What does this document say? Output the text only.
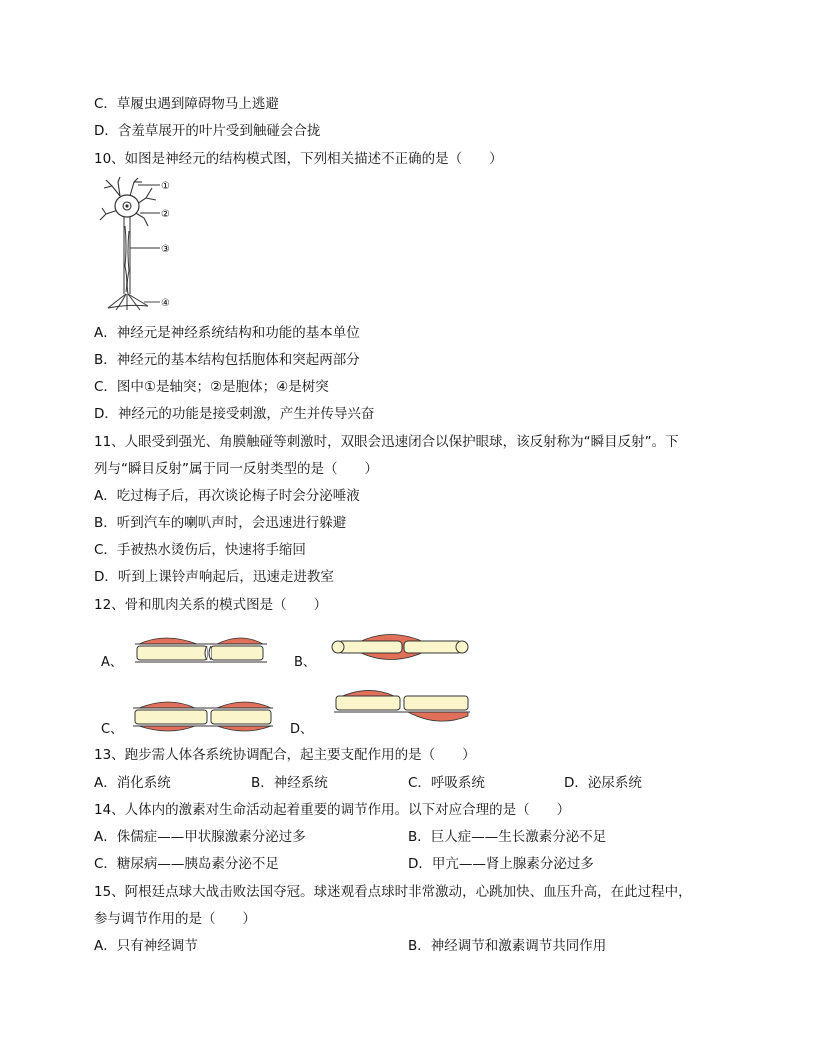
C．草履虫遇到障碍物马上逃避
D．含羞草展开的叶片受到触碰会合拢
10、如图是神经元的结构模式图，下列相关描述不正确的是（　　）
①
②
③
④
A．神经元是神经系统结构和功能的基本单位
B．神经元的基本结构包括胞体和突起两部分
C．图中①是轴突；②是胞体；④是树突
D．神经元的功能是接受刺激，产生并传导兴奋
11、人眼受到强光、角膜触碰等刺激时，双眼会迅速闭合以保护眼球，该反射称为“瞬目反射”。下
列与“瞬目反射”属于同一反射类型的是（　　）
A．吃过梅子后，再次谈论梅子时会分泌唾液
B．听到汽车的喇叭声时，会迅速进行躲避
C．手被热水烫伤后，快速将手缩回
D．听到上课铃声响起后，迅速走进教室
12、骨和肌肉关系的模式图是（　　）
A、	B、
C、	D、
13、跑步需人体各系统协调配合，起主要支配作用的是（　　）
A．消化系统	B．神经系统	C．呼吸系统	D．泌尿系统
14、人体内的激素对生命活动起着重要的调节作用。以下对应合理的是（　　）
A．侏儒症——甲状腺激素分泌过多	B．巨人症——生长激素分泌不足
C．糖尿病——胰岛素分泌不足	D．甲亢——肾上腺素分泌过多
15、阿根廷点球大战击败法国夺冠。球迷观看点球时非常激动，心跳加快、血压升高，在此过程中，
参与调节作用的是（　　）
A．只有神经调节	B．神经调节和激素调节共同作用
